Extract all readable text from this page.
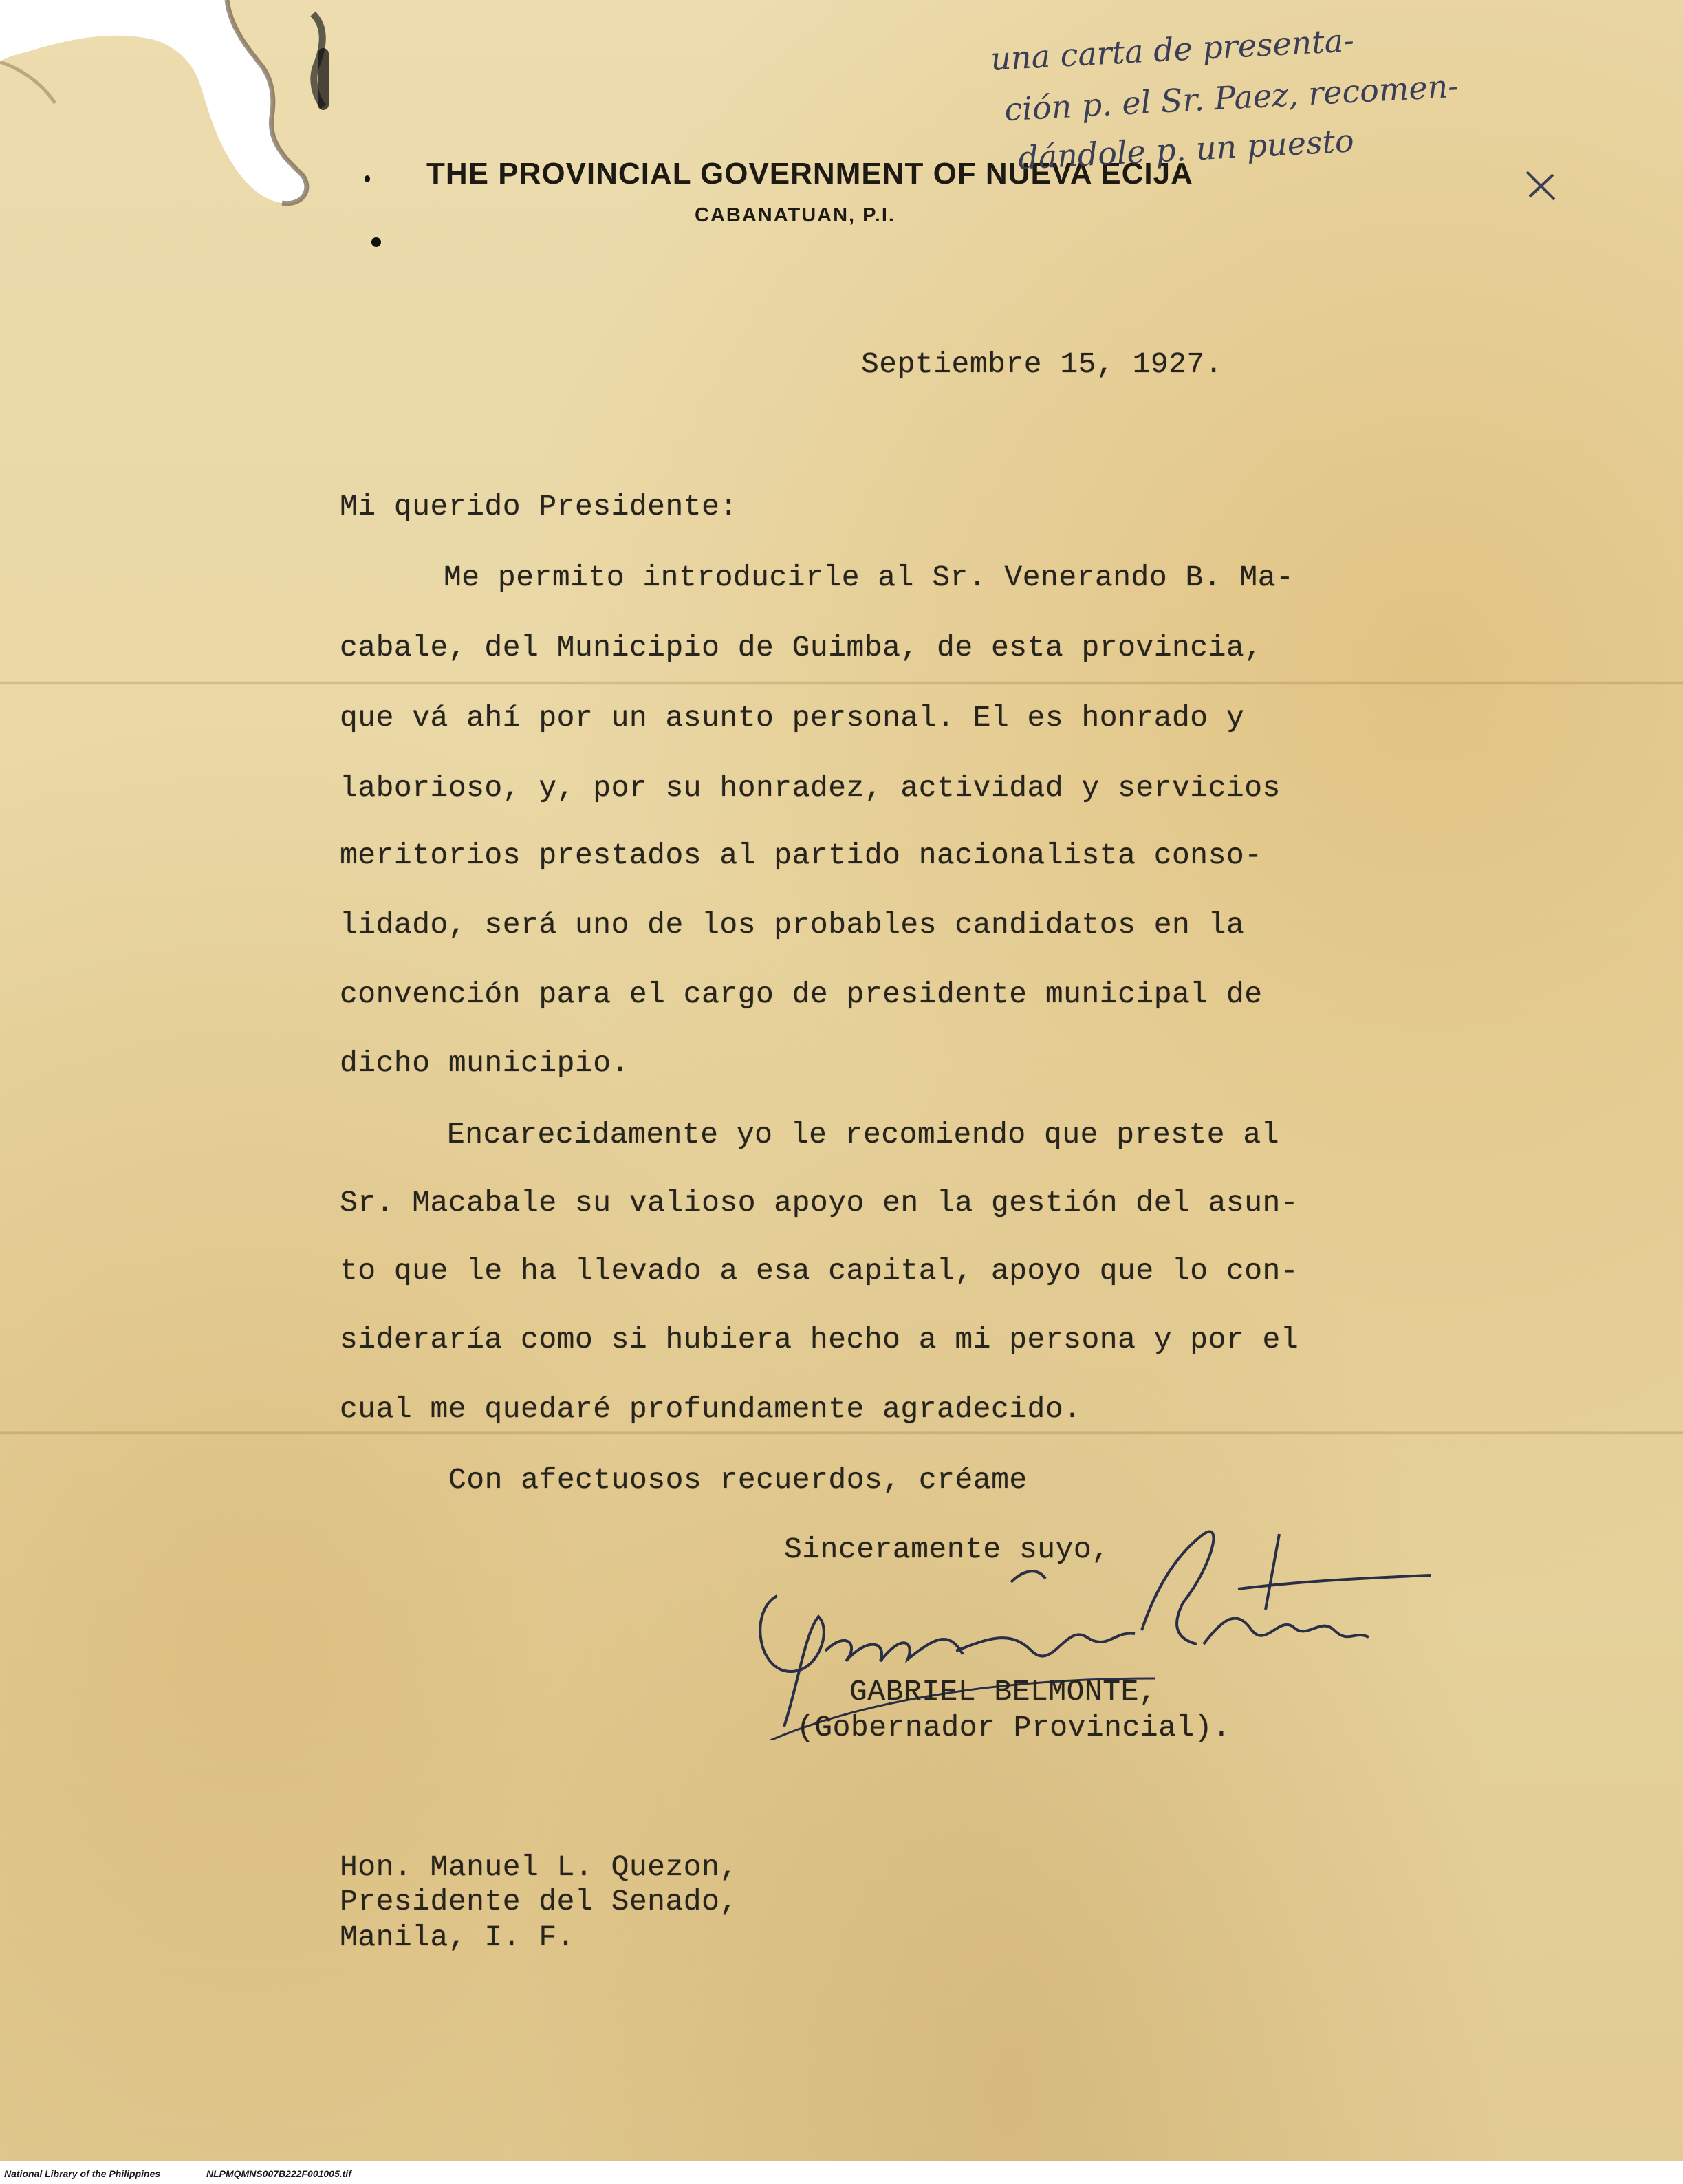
THE PROVINCIAL GOVERNMENT OF NUEVA ECIJA
CABANATUAN, P.I.
una carta de presenta-
ción p. el Sr. Paez, recomen-
dándole p. un puesto
Septiembre 15, 1927.
Mi querido Presidente:
Me permito introducirle al Sr. Venerando B. Ma-
cabale, del Municipio de Guimba, de esta provincia,
que vá ahí por un asunto personal. El es honrado y
laborioso, y, por su honradez, actividad y servicios
meritorios prestados al partido nacionalista conso-
lidado, será uno de los probables candidatos en la
convención para el cargo de presidente municipal de
dicho municipio.
Encarecidamente yo le recomiendo que preste al
Sr. Macabale su valioso apoyo en la gestión del asun-
to que le ha llevado a esa capital, apoyo que lo con-
sideraría como si hubiera hecho a mi persona y por el
cual me quedaré profundamente agradecido.
Con afectuosos recuerdos, créame
Sinceramente suyo,
GABRIEL BELMONTE,
(Gobernador Provincial).
Hon. Manuel L. Quezon,
Presidente del Senado,
Manila, I. F.
National Library of the Philippines	NLPMQMNS007B222F001005.tif
